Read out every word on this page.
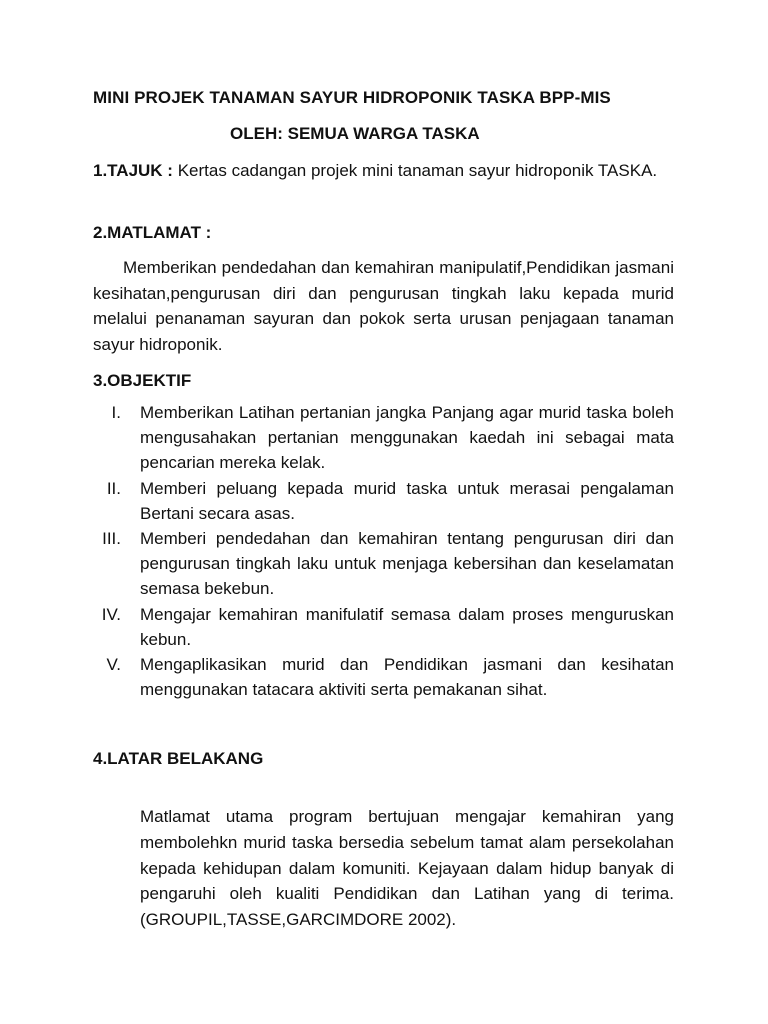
MINI PROJEK TANAMAN SAYUR HIDROPONIK TASKA BPP-MIS
OLEH: SEMUA WARGA TASKA
1.TAJUK : Kertas cadangan projek mini tanaman sayur hidroponik TASKA.
2.MATLAMAT :
Memberikan pendedahan dan kemahiran manipulatif,Pendidikan jasmani kesihatan,pengurusan diri dan pengurusan tingkah laku kepada murid melalui penanaman sayuran dan pokok serta urusan penjagaan tanaman sayur hidroponik.
3.OBJEKTIF
I. Memberikan Latihan pertanian jangka Panjang agar murid taska boleh mengusahakan pertanian menggunakan kaedah ini sebagai mata pencarian mereka kelak.
II. Memberi peluang kepada murid taska untuk merasai pengalaman Bertani secara asas.
III. Memberi pendedahan dan kemahiran tentang pengurusan diri dan pengurusan tingkah laku untuk menjaga kebersihan dan keselamatan semasa bekebun.
IV. Mengajar kemahiran manifulatif semasa dalam proses menguruskan kebun.
V. Mengaplikasikan murid dan Pendidikan jasmani dan kesihatan menggunakan tatacara aktiviti serta pemakanan sihat.
4.LATAR BELAKANG
Matlamat utama program bertujuan mengajar kemahiran yang membolehkn murid taska bersedia sebelum tamat alam persekolahan kepada kehidupan dalam komuniti. Kejayaan dalam hidup banyak di pengaruhi oleh kualiti Pendidikan dan Latihan yang di terima.(GROUPIL,TASSE,GARCIMDORE 2002).
